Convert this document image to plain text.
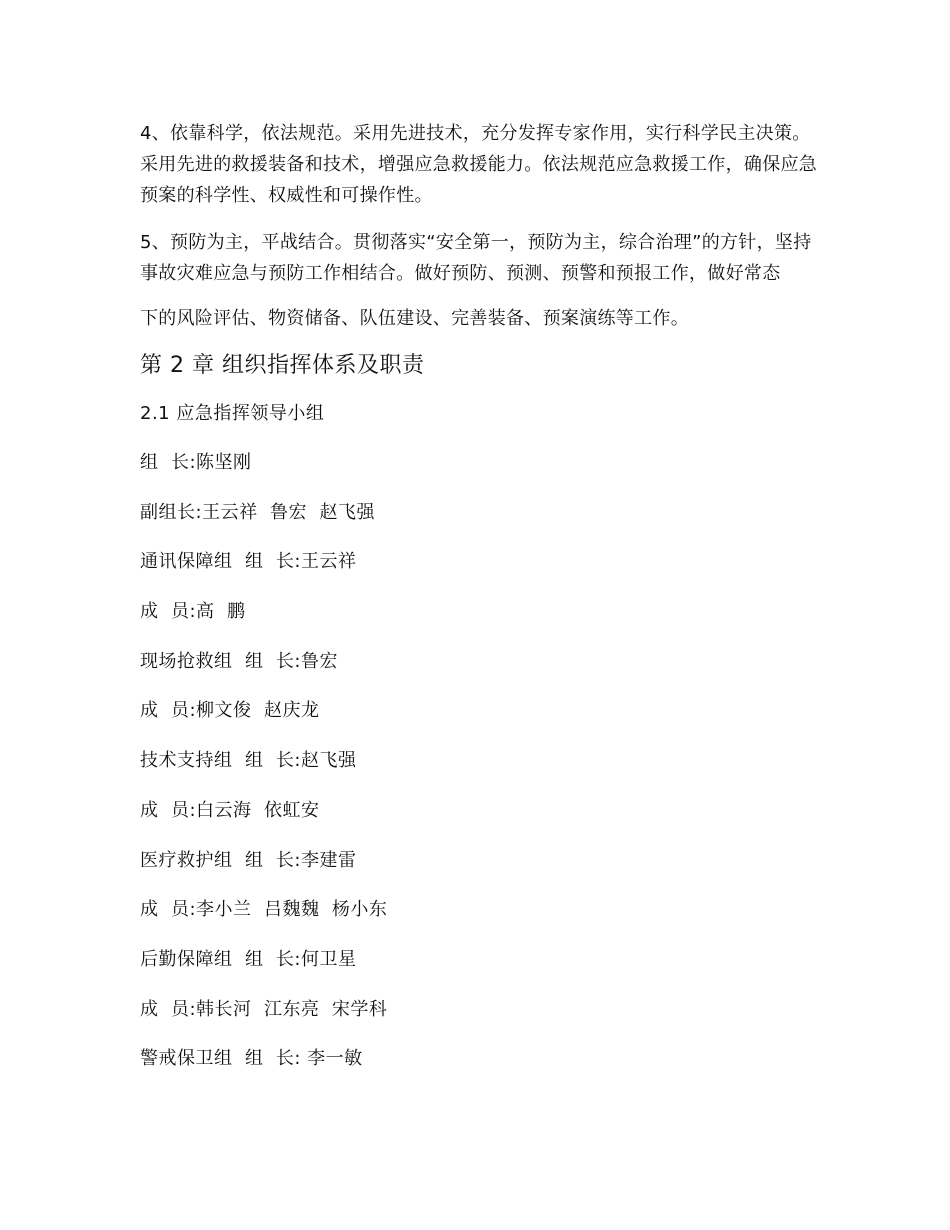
4、依靠科学，依法规范。采用先进技术，充分发挥专家作用，实行科学民主决策。采用先进的救援装备和技术，增强应急救援能力。依法规范应急救援工作，确保应急预案的科学性、权威性和可操作性。

5、预防为主，平战结合。贯彻落实“安全第一，预防为主，综合治理”的方针，坚持事故灾难应急与预防工作相结合。做好预防、预测、预警和预报工作，做好常态

下的风险评估、物资储备、队伍建设、完善装备、预案演练等工作。

第 2 章 组织指挥体系及职责
2.1 应急指挥领导小组
组  长:陈坚刚
副组长:王云祥  鲁宏  赵飞强
通讯保障组  组  长:王云祥
成  员:高  鹏
现场抢救组  组  长:鲁宏
成  员:柳文俊  赵庆龙
技术支持组  组  长:赵飞强
成  员:白云海  依虹安
医疗救护组  组  长:李建雷
成  员:李小兰  吕魏魏  杨小东
后勤保障组  组  长:何卫星
成  员:韩长河  江东亮  宋学科
警戒保卫组  组  长: 李一敏
